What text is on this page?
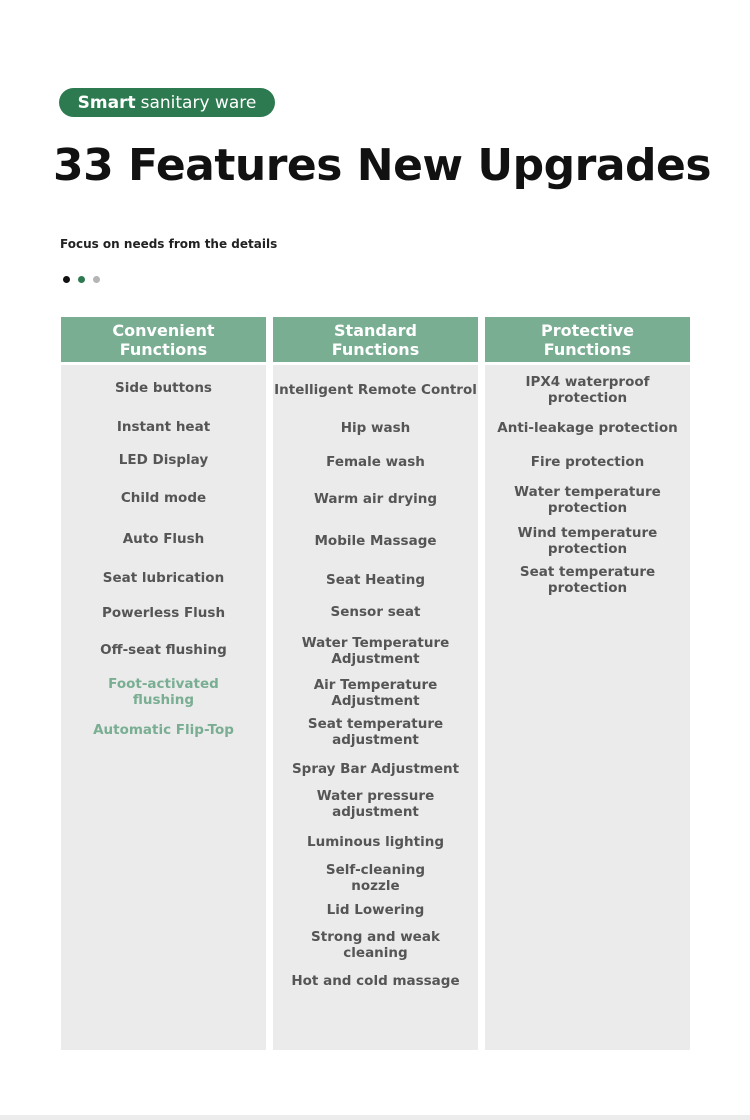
Smart sanitary ware
33 Features New Upgrades
Focus on needs from the details
Convenient
Functions
Side buttons
Instant heat
LED Display
Child mode
Auto Flush
Seat lubrication
Powerless Flush
Off-seat flushing
Foot-activated
flushing
Automatic Flip-Top
Standard
Functions
Intelligent Remote Control
Hip wash
Female wash
Warm air drying
Mobile Massage
Seat Heating
Sensor seat
Water Temperature
Adjustment
Air Temperature
Adjustment
Seat temperature
adjustment
Spray Bar Adjustment
Water pressure
adjustment
Luminous lighting
Self-cleaning
nozzle
Lid Lowering
Strong and weak
cleaning
Hot and cold massage
Protective
Functions
IPX4 waterproof protection
Anti-leakage protection
Fire protection
Water temperature
protection
Wind temperature
protection
Seat temperature
protection
